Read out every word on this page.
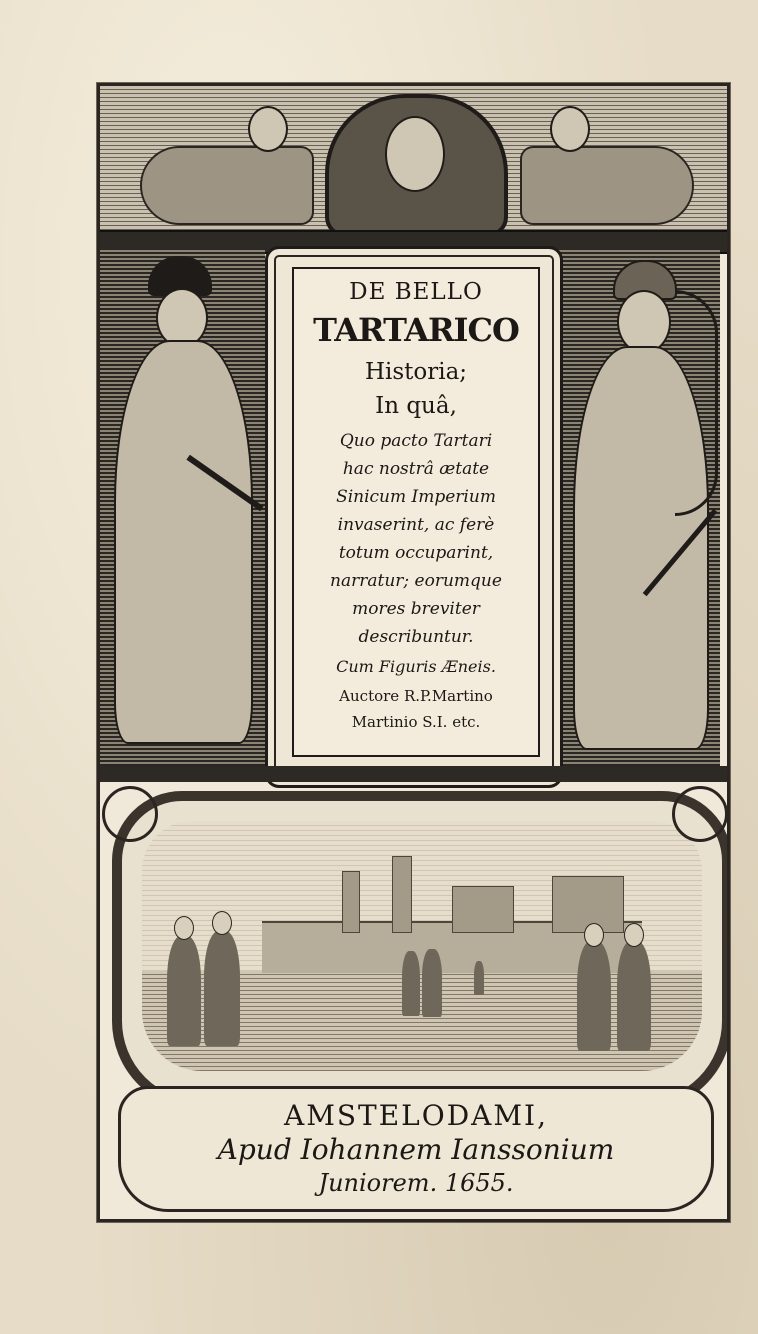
DE BELLO
TARTARICO
Historia;
In quâ,
Quo pacto Tartari
hac nostrâ ætate
Sinicum Imperium
invaserint, ac ferè
totum occuparint,
narratur; eorumque
mores breviter
describuntur.
Cum Figuris Æneis.
Auctore R.P.Martino
Martinio S.I. etc.
AMSTELODAMI,
Apud Iohannem Ianssonium
Juniorem. 1655.
